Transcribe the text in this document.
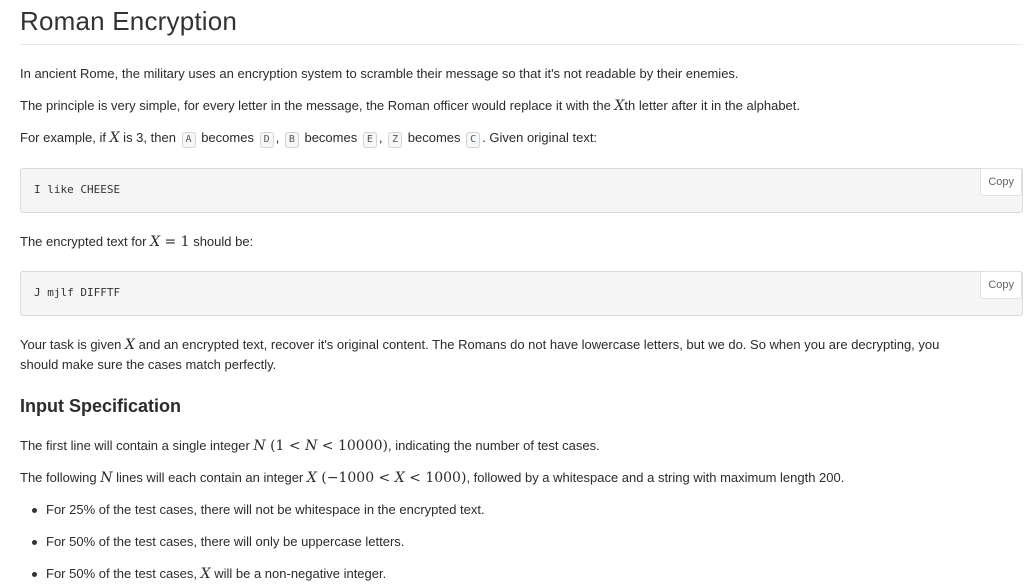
Roman Encryption

In ancient Rome, the military uses an encryption system to scramble their message so that it's not readable by their enemies.

The principle is very simple, for every letter in the message, the Roman officer would replace it with the Xth letter after it in the alphabet.

For example, if X is 3, then A becomes D , B becomes E , Z becomes C . Given original text:

I like CHEESE
Copy

The encrypted text for X = 1 should be:

J mjlf DIFFTF
Copy

Your task is given X and an encrypted text, recover it's original content. The Romans do not have lowercase letters, but we do. So when you are decrypting, you
should make sure the cases match perfectly.

Input Specification

The first line will contain a single integer N (1 < N < 10000), indicating the number of test cases.

The following N lines will each contain an integer X (−1000 < X < 1000), followed by a whitespace and a string with maximum length 200.

For 25% of the test cases, there will not be whitespace in the encrypted text.
For 50% of the test cases, there will only be uppercase letters.
For 50% of the test cases, X will be a non-negative integer.
